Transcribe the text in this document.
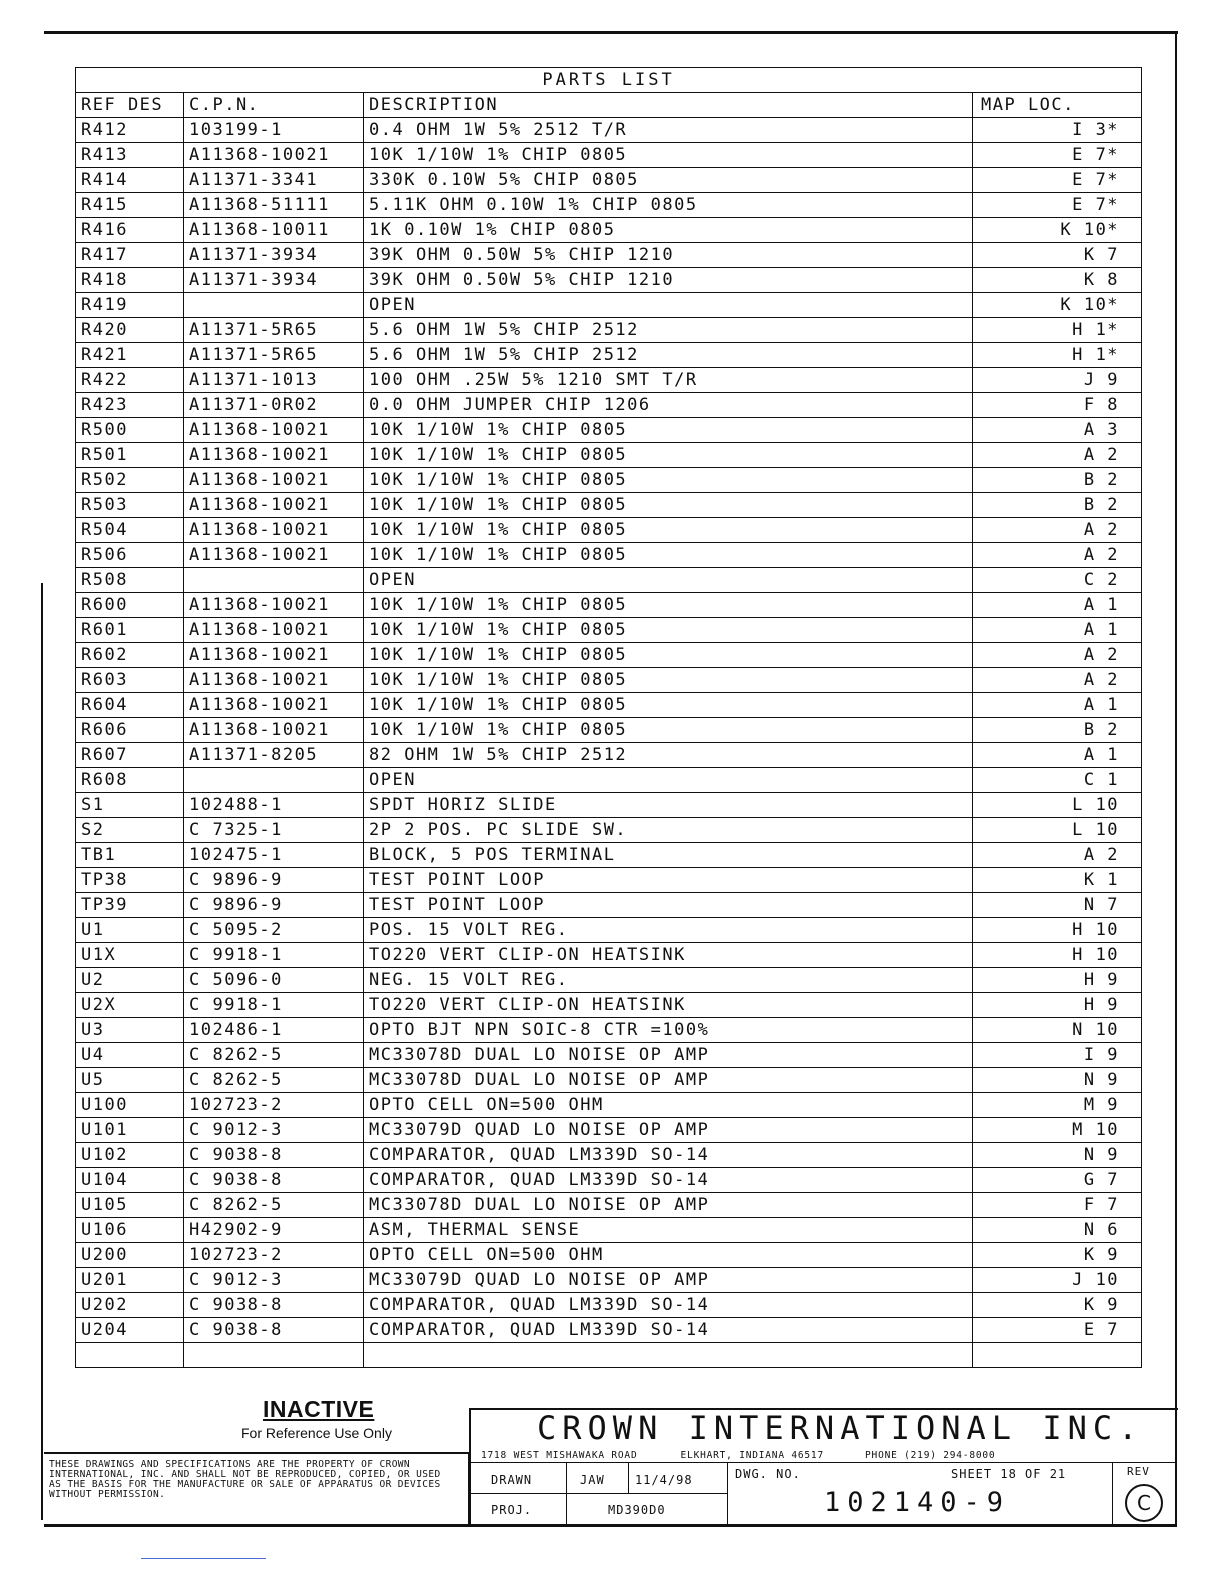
PARTS LIST			
REF DES	C.P.N.	DESCRIPTION	MAP LOC.
R412	103199-1	0.4 OHM 1W 5% 2512 T/R	I 3*
R413	A11368-10021	10K 1/10W 1% CHIP 0805	E 7*
R414	A11371-3341	330K 0.10W 5% CHIP 0805	E 7*
R415	A11368-51111	5.11K OHM 0.10W 1% CHIP 0805	E 7*
R416	A11368-10011	1K 0.10W 1% CHIP 0805	K 10*
R417	A11371-3934	39K OHM 0.50W 5% CHIP 1210	K 7
R418	A11371-3934	39K OHM 0.50W 5% CHIP 1210	K 8
R419		OPEN	K 10*
R420	A11371-5R65	5.6 OHM 1W 5% CHIP 2512	H 1*
R421	A11371-5R65	5.6 OHM 1W 5% CHIP 2512	H 1*
R422	A11371-1013	100 OHM .25W 5% 1210 SMT T/R	J 9
R423	A11371-0R02	0.0 OHM JUMPER CHIP 1206	F 8
R500	A11368-10021	10K 1/10W 1% CHIP 0805	A 3
R501	A11368-10021	10K 1/10W 1% CHIP 0805	A 2
R502	A11368-10021	10K 1/10W 1% CHIP 0805	B 2
R503	A11368-10021	10K 1/10W 1% CHIP 0805	B 2
R504	A11368-10021	10K 1/10W 1% CHIP 0805	A 2
R506	A11368-10021	10K 1/10W 1% CHIP 0805	A 2
R508		OPEN	C 2
R600	A11368-10021	10K 1/10W 1% CHIP 0805	A 1
R601	A11368-10021	10K 1/10W 1% CHIP 0805	A 1
R602	A11368-10021	10K 1/10W 1% CHIP 0805	A 2
R603	A11368-10021	10K 1/10W 1% CHIP 0805	A 2
R604	A11368-10021	10K 1/10W 1% CHIP 0805	A 1
R606	A11368-10021	10K 1/10W 1% CHIP 0805	B 2
R607	A11371-8205	82 OHM 1W 5% CHIP 2512	A 1
R608		OPEN	C 1
S1	102488-1	SPDT HORIZ SLIDE	L 10
S2	C 7325-1	2P 2 POS. PC SLIDE SW.	L 10
TB1	102475-1	BLOCK, 5 POS TERMINAL	A 2
TP38	C 9896-9	TEST POINT LOOP	K 1
TP39	C 9896-9	TEST POINT LOOP	N 7
U1	C 5095-2	POS. 15 VOLT REG.	H 10
U1X	C 9918-1	TO220 VERT CLIP-ON HEATSINK	H 10
U2	C 5096-0	NEG. 15 VOLT REG.	H 9
U2X	C 9918-1	TO220 VERT CLIP-ON HEATSINK	H 9
U3	102486-1	OPTO BJT NPN SOIC-8 CTR =100%	N 10
U4	C 8262-5	MC33078D DUAL LO NOISE OP AMP	I 9
U5	C 8262-5	MC33078D DUAL LO NOISE OP AMP	N 9
U100	102723-2	OPTO CELL ON=500 OHM	M 9
U101	C 9012-3	MC33079D QUAD LO NOISE OP AMP	M 10
U102	C 9038-8	COMPARATOR, QUAD LM339D SO-14	N 9
U104	C 9038-8	COMPARATOR, QUAD LM339D SO-14	G 7
U105	C 8262-5	MC33078D DUAL LO NOISE OP AMP	F 7
U106	H42902-9	ASM, THERMAL SENSE	N 6
U200	102723-2	OPTO CELL ON=500 OHM	K 9
U201	C 9012-3	MC33079D QUAD LO NOISE OP AMP	J 10
U202	C 9038-8	COMPARATOR, QUAD LM339D SO-14	K 9
U204	C 9038-8	COMPARATOR, QUAD LM339D SO-14	E 7

INACTIVE
For Reference Use Only
THESE DRAWINGS AND SPECIFICATIONS ARE THE PROPERTY OF CROWN INTERNATIONAL, INC. AND SHALL NOT BE REPRODUCED, COPIED, OR USED AS THE BASIS FOR THE MANUFACTURE OR SALE OF APPARATUS OR DEVICES WITHOUT PERMISSION.
CROWN INTERNATIONAL INC.
1718 WEST MISHAWAKA ROAD	ELKHART, INDIANA 46517	PHONE (219) 294-8000
DRAWN	JAW	11/4/98	DWG. NO.	SHEET 18 OF 21	REV
PROJ.	MD390D0	102140-9	C
